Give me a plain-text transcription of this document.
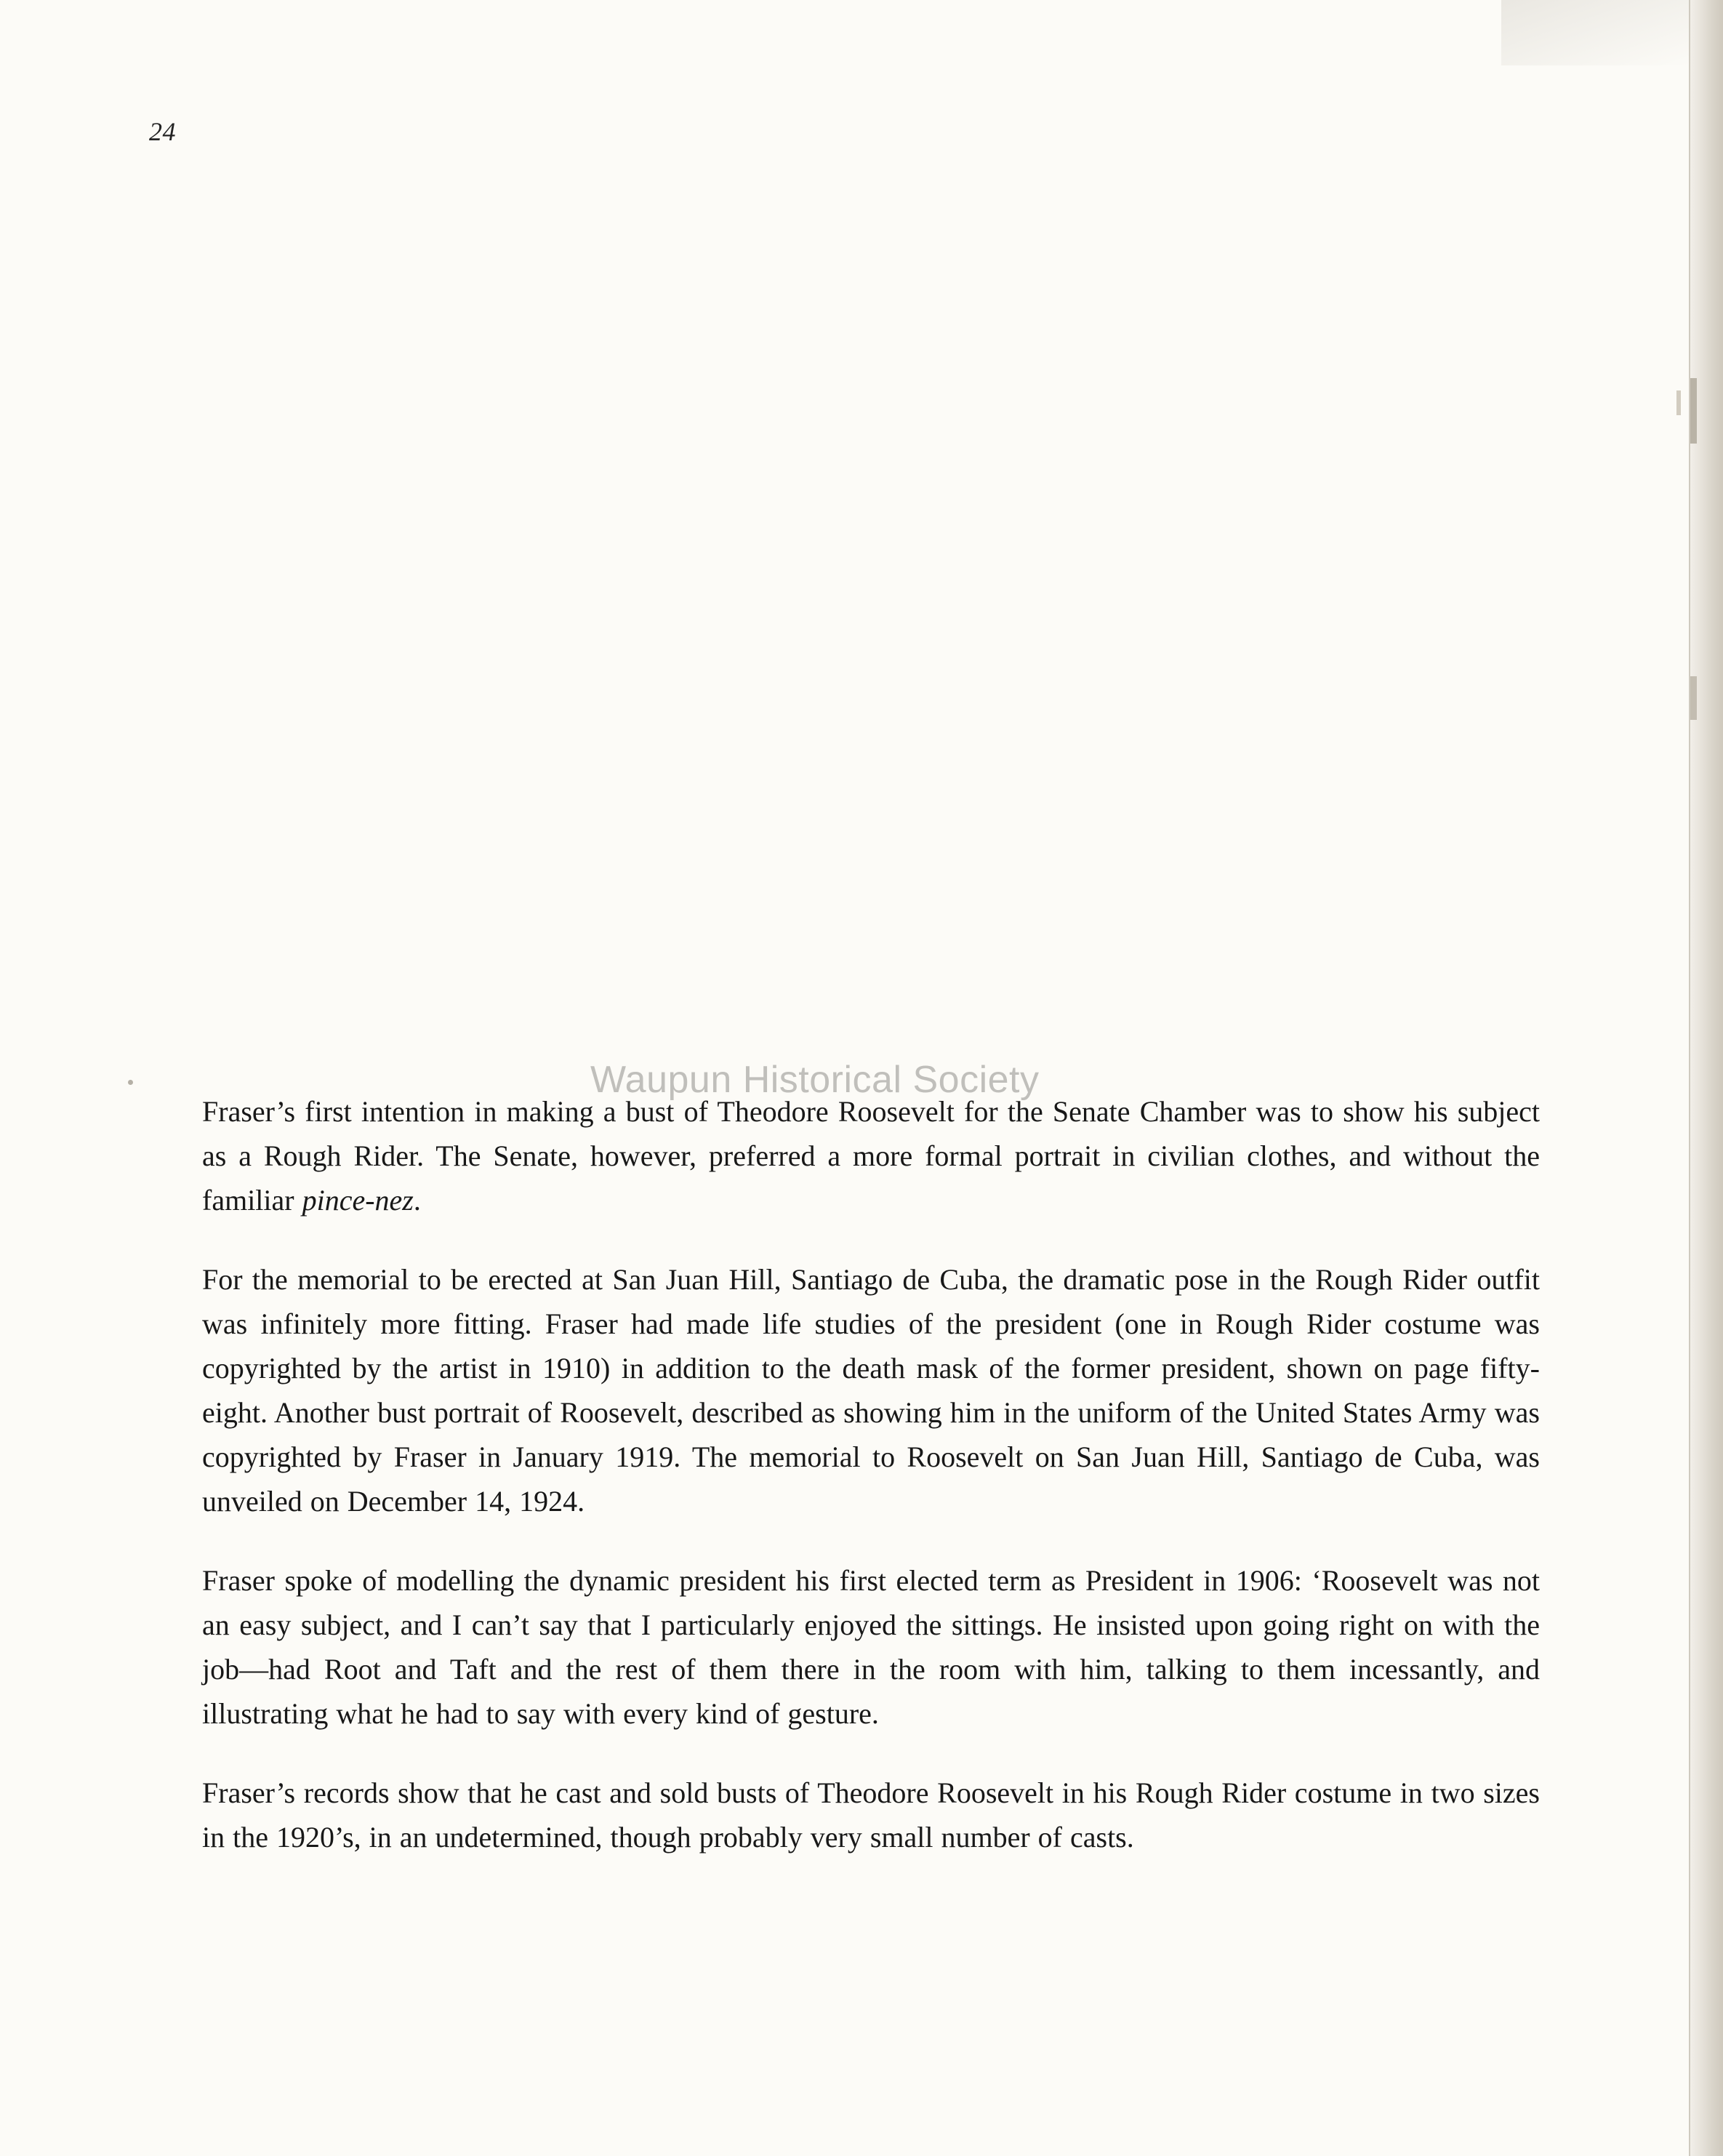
24
Waupun Historical Society

Fraser’s first intention in making a bust of Theodore Roosevelt for the Senate Chamber was to show his subject as a Rough Rider. The Senate, however, preferred a more formal portrait in civilian clothes, and without the familiar pince-nez.

For the memorial to be erected at San Juan Hill, Santiago de Cuba, the dramatic pose in the Rough Rider outfit was infinitely more fitting. Fraser had made life studies of the president (one in Rough Rider costume was copyrighted by the artist in 1910) in addition to the death mask of the former president, shown on page fifty-eight. Another bust portrait of Roosevelt, described as showing him in the uniform of the United States Army was copyrighted by Fraser in January 1919. The memorial to Roosevelt on San Juan Hill, Santiago de Cuba, was unveiled on December 14, 1924.

Fraser spoke of modelling the dynamic president his first elected term as President in 1906: ‘Roosevelt was not an easy subject, and I can’t say that I particularly enjoyed the sittings. He insisted upon going right on with the job—had Root and Taft and the rest of them there in the room with him, talking to them incessantly, and illustrating what he had to say with every kind of gesture.

Fraser’s records show that he cast and sold busts of Theodore Roosevelt in his Rough Rider costume in two sizes in the 1920’s, in an undetermined, though probably very small number of casts.
